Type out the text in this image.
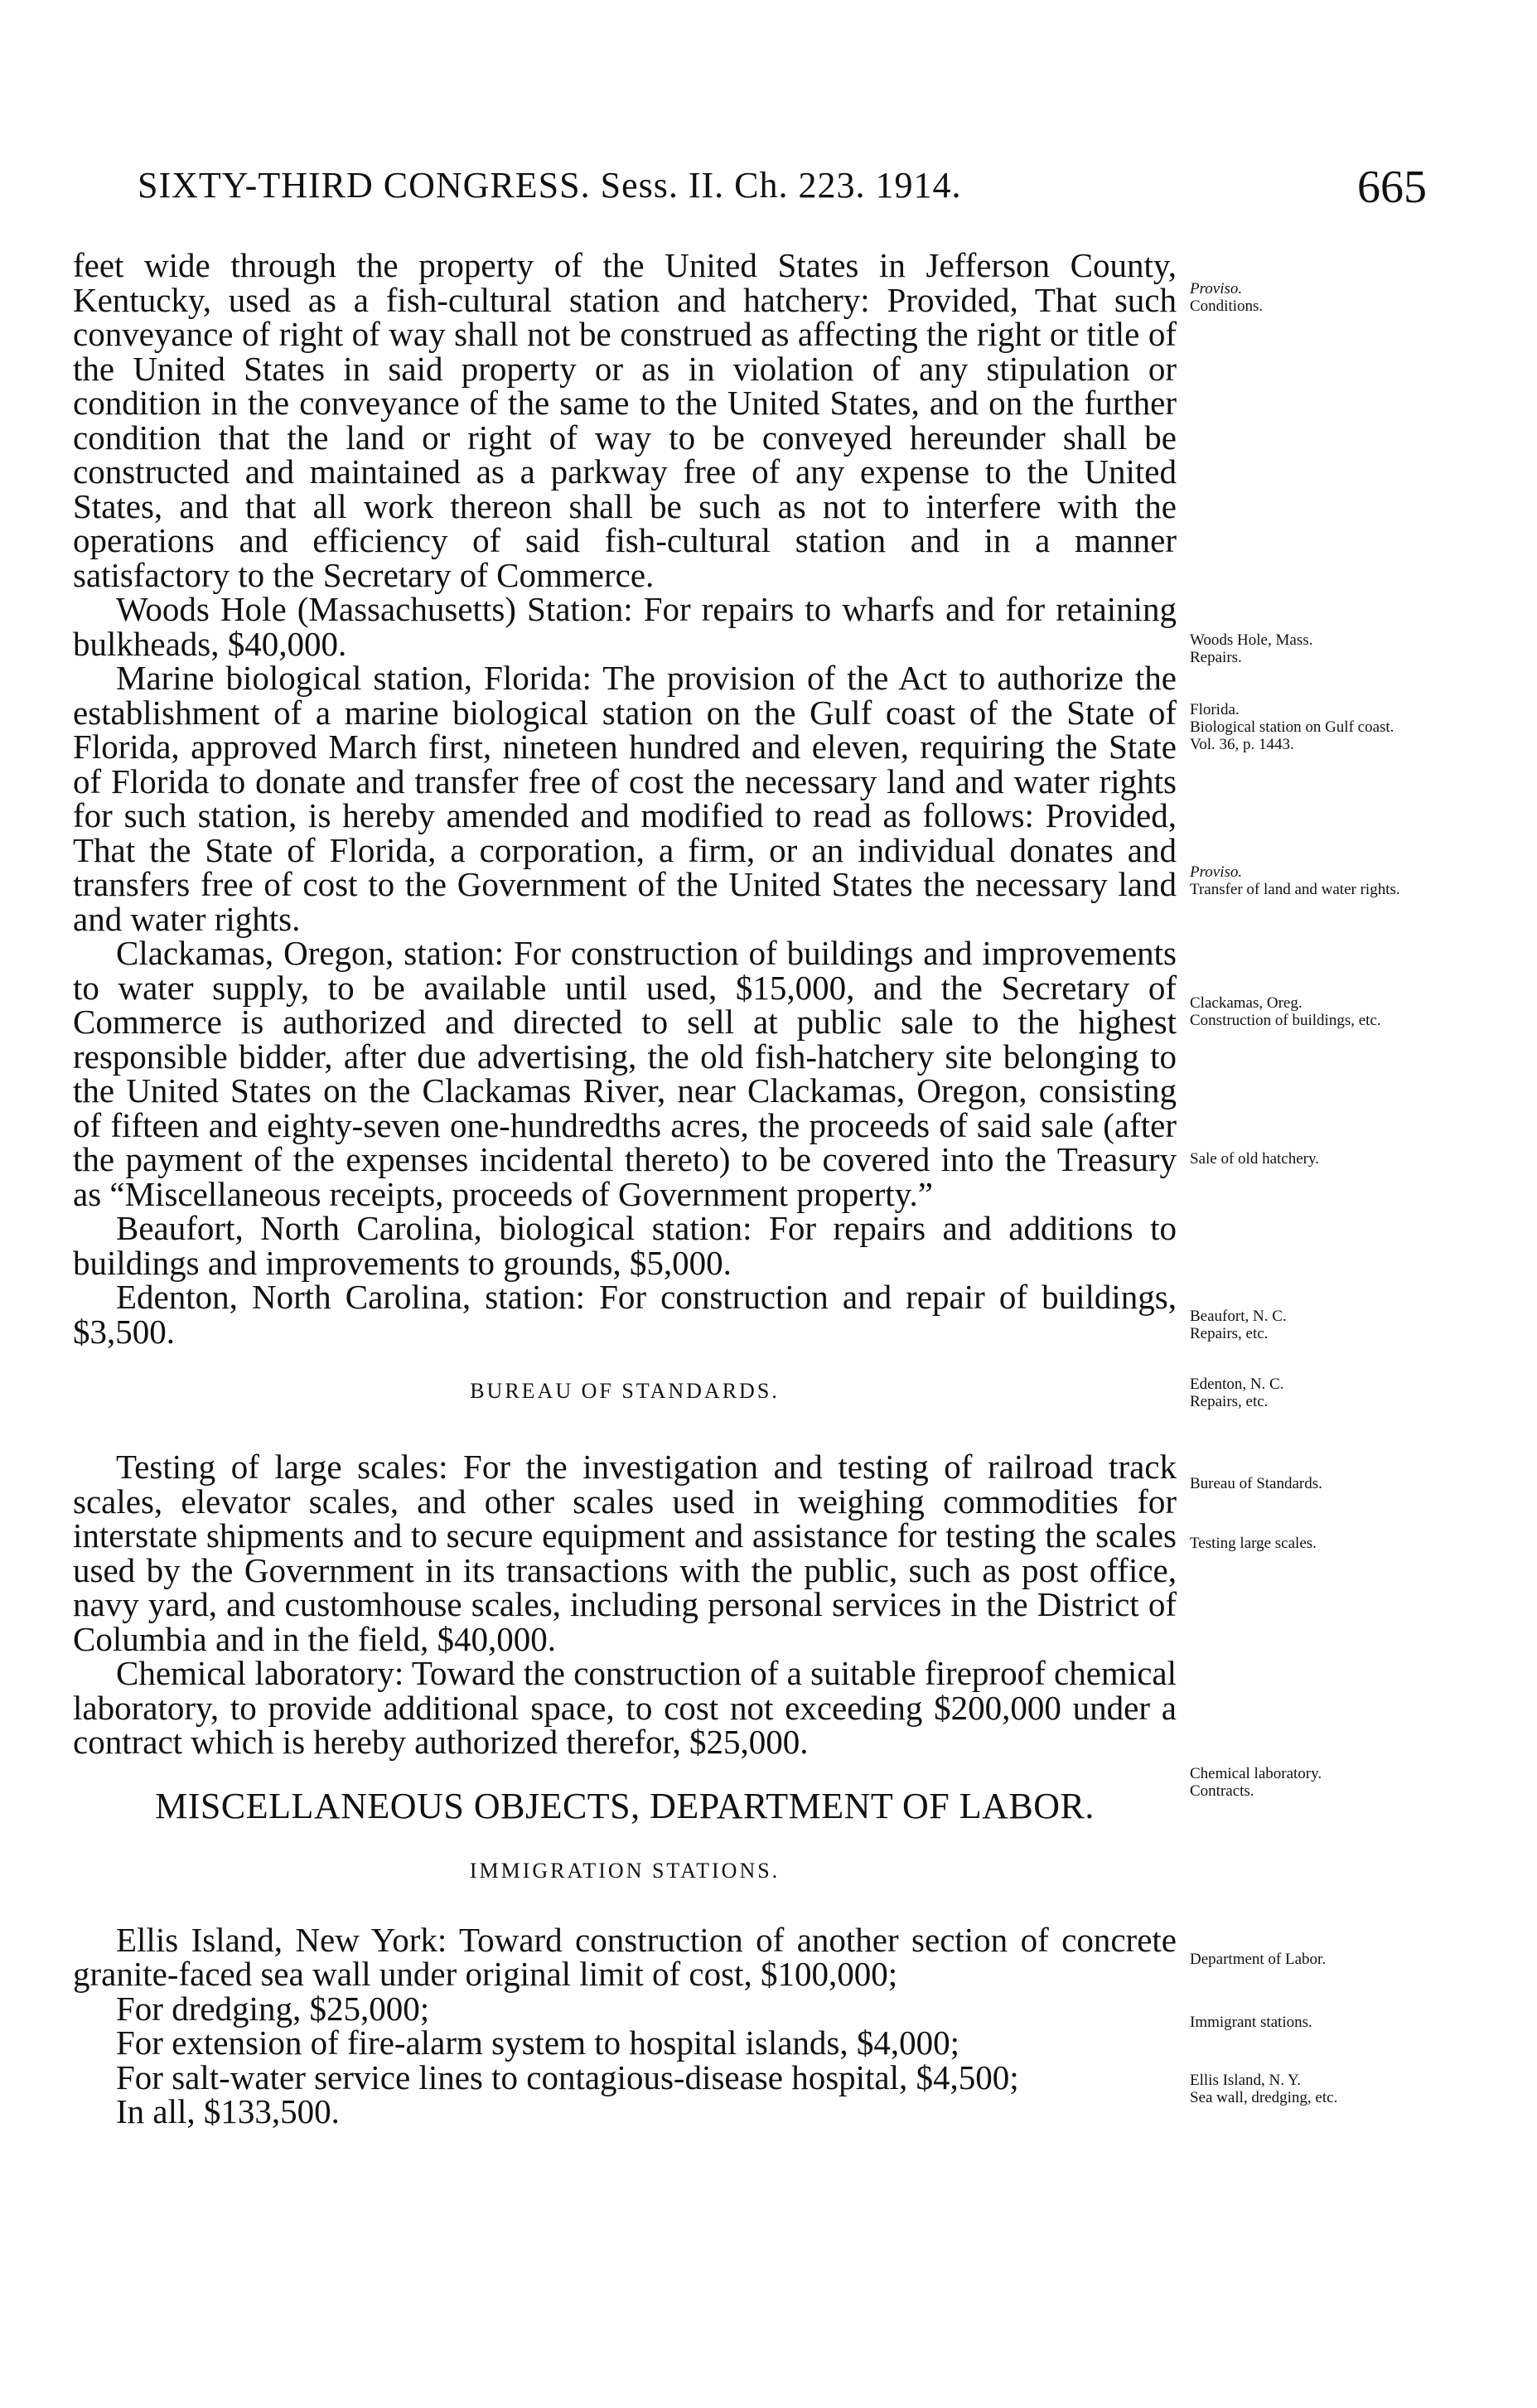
SIXTY-THIRD CONGRESS. Sess. II. Ch. 223. 1914.	665

feet wide through the property of the United States in Jefferson County, Kentucky, used as a fish-cultural station and hatchery: Provided, That such conveyance of right of way shall not be construed as affecting the right or title of the United States in said property or as in violation of any stipulation or condition in the conveyance of the same to the United States, and on the further condition that the land or right of way to be conveyed hereunder shall be constructed and maintained as a parkway free of any expense to the United States, and that all work thereon shall be such as not to interfere with the operations and efficiency of said fish-cultural station and in a manner satisfactory to the Secretary of Commerce.

Woods Hole (Massachusetts) Station: For repairs to wharfs and for retaining bulkheads, $40,000.

Marine biological station, Florida: The provision of the Act to authorize the establishment of a marine biological station on the Gulf coast of the State of Florida, approved March first, nineteen hundred and eleven, requiring the State of Florida to donate and transfer free of cost the necessary land and water rights for such station, is hereby amended and modified to read as follows: Provided, That the State of Florida, a corporation, a firm, or an individual donates and transfers free of cost to the Government of the United States the necessary land and water rights.

Clackamas, Oregon, station: For construction of buildings and improvements to water supply, to be available until used, $15,000, and the Secretary of Commerce is authorized and directed to sell at public sale to the highest responsible bidder, after due advertising, the old fish-hatchery site belonging to the United States on the Clackamas River, near Clackamas, Oregon, consisting of fifteen and eighty-seven one-hundredths acres, the proceeds of said sale (after the payment of the expenses incidental thereto) to be covered into the Treasury as “Miscellaneous receipts, proceeds of Government property.”

Beaufort, North Carolina, biological station: For repairs and additions to buildings and improvements to grounds, $5,000.

Edenton, North Carolina, station: For construction and repair of buildings, $3,500.

BUREAU OF STANDARDS.

Testing of large scales: For the investigation and testing of railroad track scales, elevator scales, and other scales used in weighing commodities for interstate shipments and to secure equipment and assistance for testing the scales used by the Government in its transactions with the public, such as post office, navy yard, and customhouse scales, including personal services in the District of Columbia and in the field, $40,000.

Chemical laboratory: Toward the construction of a suitable fireproof chemical laboratory, to provide additional space, to cost not exceeding $200,000 under a contract which is hereby authorized therefor, $25,000.

MISCELLANEOUS OBJECTS, DEPARTMENT OF LABOR.

IMMIGRATION STATIONS.

Ellis Island, New York: Toward construction of another section of concrete granite-faced sea wall under original limit of cost, $100,000;

For dredging, $25,000;

For extension of fire-alarm system to hospital islands, $4,000;

For salt-water service lines to contagious-disease hospital, $4,500;

In all, $133,500.

Proviso.
Conditions.
Woods Hole, Mass.
Repairs.
Florida.
Biological station on Gulf coast.
Vol. 36, p. 1443.
Proviso.
Transfer of land and water rights.
Clackamas, Oreg.
Construction of buildings, etc.
Sale of old hatchery.
Beaufort, N. C.
Repairs, etc.
Edenton, N. C.
Repairs, etc.
Bureau of Standards.
Testing large scales.
Chemical laboratory.
Contracts.
Department of Labor.
Immigrant stations.
Ellis Island, N. Y.
Sea wall, dredging, etc.
